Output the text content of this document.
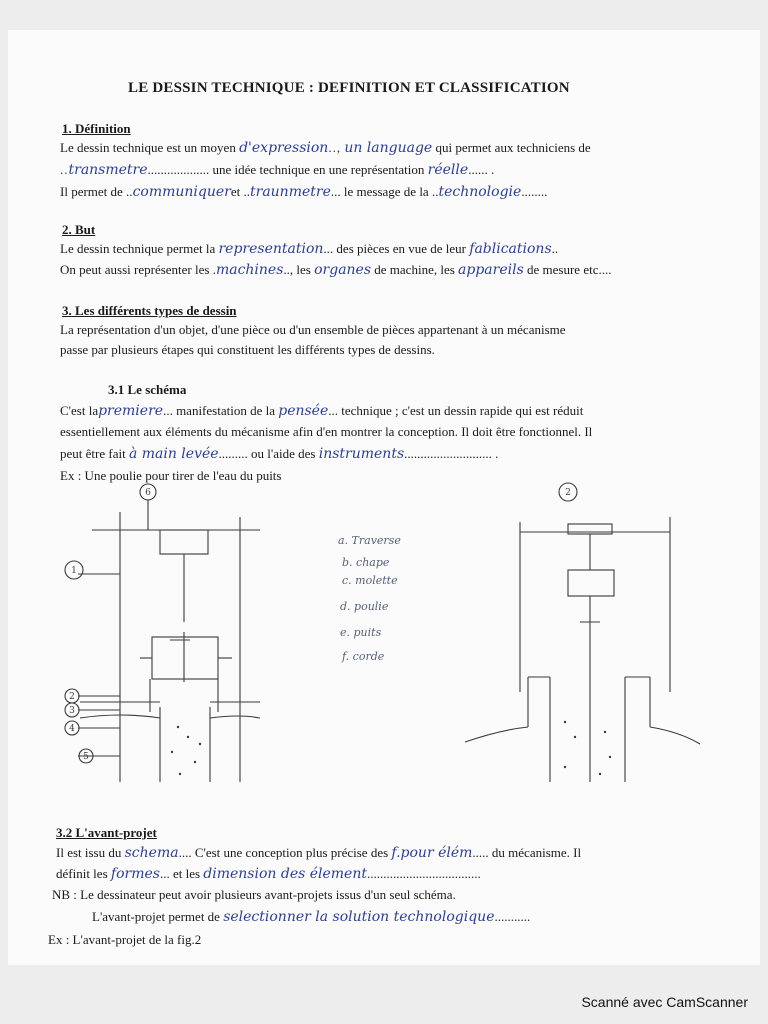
LE DESSIN TECHNIQUE : DEFINITION ET CLASSIFICATION
1. Définition
Le dessin technique est un moyen d'expression.., un language qui permet aux techniciens de
..transmetre................... une idée technique en une représentation réelle...... .
Il permet de ..communiqueret ..traunmetre... le message de la ..technologie........
2. But
Le dessin technique permet la representation... des pièces en vue de leur fablications..
On peut aussi représenter les .machines.., les organes de machine, les appareils de mesure etc....
3. Les différents types de dessin
La représentation d'un objet, d'une pièce ou d'un ensemble de pièces appartenant à un mécanisme
passe par plusieurs étapes qui constituent les différents types de dessins.
3.1 Le schéma
C'est lapremiere... manifestation de la pensée... technique ; c'est un dessin rapide qui est réduit
essentiellement aux éléments du mécanisme afin d'en montrer la conception. Il doit être fonctionnel. Il
peut être fait à main levée......... ou l'aide des instruments........................... .
Ex : Une poulie pour tirer de l'eau du puits
6
1
2
3
4
5
a. Traverse
b. chape
c. molette
d. poulie
e. puits
f. corde
2
3.2 L'avant-projet
Il est issu du schema.... C'est une conception plus précise des f.pour élém..... du mécanisme. Il
définit les formes... et les dimension des élement...................................
NB : Le dessinateur peut avoir plusieurs avant-projets issus d'un seul schéma.
L'avant-projet permet de selectionner la solution technologique...........
Ex : L'avant-projet de la fig.2
Scanné avec CamScanner
